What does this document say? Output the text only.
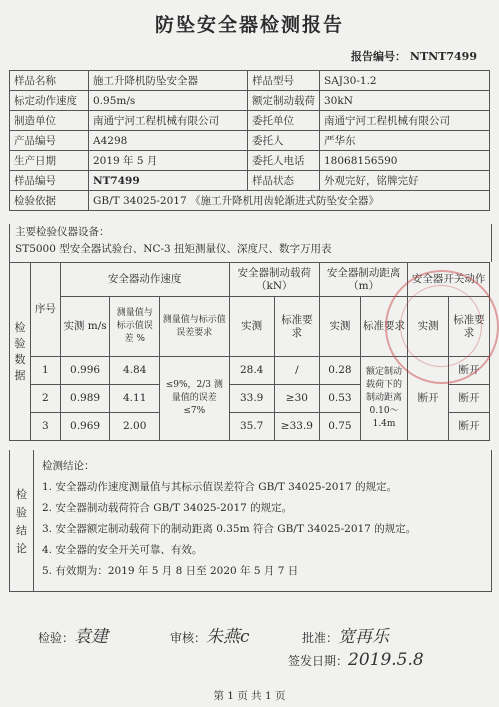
防坠安全器检测报告
报告编号： NTNT7499
样品名称	施工升降机防坠安全器	样品型号	SAJ30-1.2
标定动作速度	0.95m/s	额定制动载荷	30kN
制造单位	南通宁河工程机械有限公司	委托单位	南通宁河工程机械有限公司
产品编号	A4298	委托人	严华东
生产日期	2019 年 5 月	委托人电话	18068156590
样品编号	NT7499	样品状态	外观完好，铭牌完好
检验依据	GB/T 34025-2017 《施工升降机用齿轮渐进式防坠安全器》		
主要检验仪器设备：
ST5000 型安全器试验台、NC-3 扭矩测量仪、深度尺、数字万用表
检
验
数
据	序号	安全器动作速度			安全器制动载荷（kN）		安全器制动距离（m）		安全器开关动作	
		实测 m/s	测量值与标示值误差 %	测量值与标示值误差要求	实测	标准要求	实测	标准要求	实测	标准要求
	1	0.996	4.84	≤9%，2/3 测量值的误差≤7%	28.4	/	0.28	额定制动载荷下的制动距离 0.10～1.4m	断开	断开
	2	0.989	4.11		33.9	≥30	0.53			断开
	3	0.969	2.00		35.7	≥33.9	0.75			断开
检
验
结
论
检测结论：
1. 安全器动作速度测量值与其标示值误差符合 GB/T 34025-2017 的规定。
2. 安全器制动载荷符合 GB/T 34025-2017 的规定。
3. 安全器额定制动载荷下的制动距离 0.35m 符合 GB/T 34025-2017 的规定。
4. 安全器的安全开关可靠、有效。
5. 有效期为：2019 年 5 月 8 日至 2020 年 5 月 7 日
检验：袁建	审核：朱燕c	批准：宽再乐
签发日期：2019.5.8
第 1 页 共 1 页
